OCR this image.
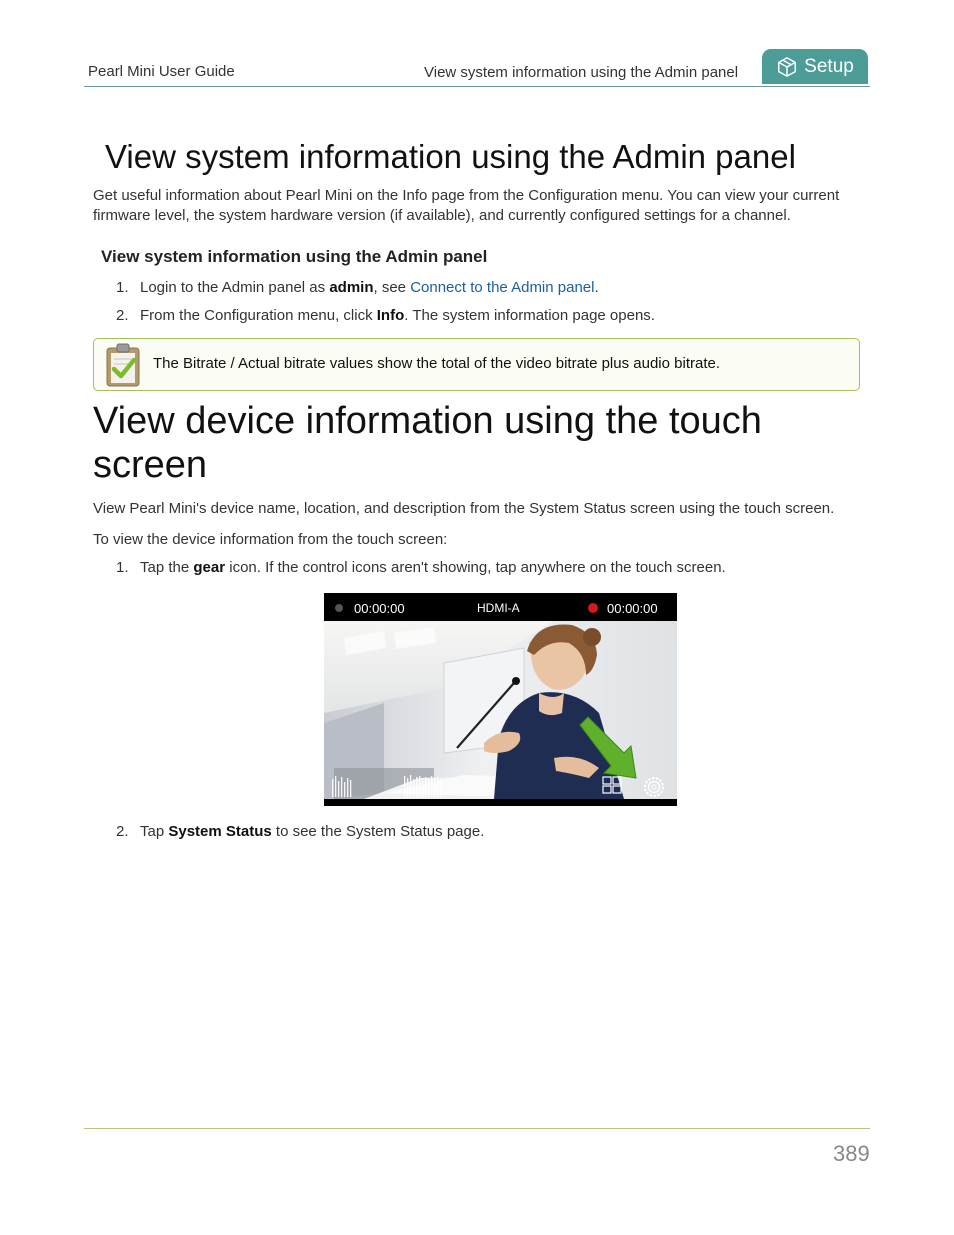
Pearl Mini User Guide	View system information using the Admin panel	Setup
View system information using the Admin panel
Get useful information about Pearl Mini on the Info page from the Configuration menu. You can view your current firmware level, the system hardware version (if available), and currently configured settings for a channel.
View system information using the Admin panel
1. Login to the Admin panel as admin, see Connect to the Admin panel.
2. From the Configuration menu, click Info. The system information page opens.
The Bitrate / Actual bitrate values show the total of the video bitrate plus audio bitrate.
View device information using the touch screen
View Pearl Mini's device name, location, and description from the System Status screen using the touch screen.
To view the device information from the touch screen:
1. Tap the gear icon. If the control icons aren't showing, tap anywhere on the touch screen.
00:00:00	HDMI-A	00:00:00
2. Tap System Status to see the System Status page.
389
